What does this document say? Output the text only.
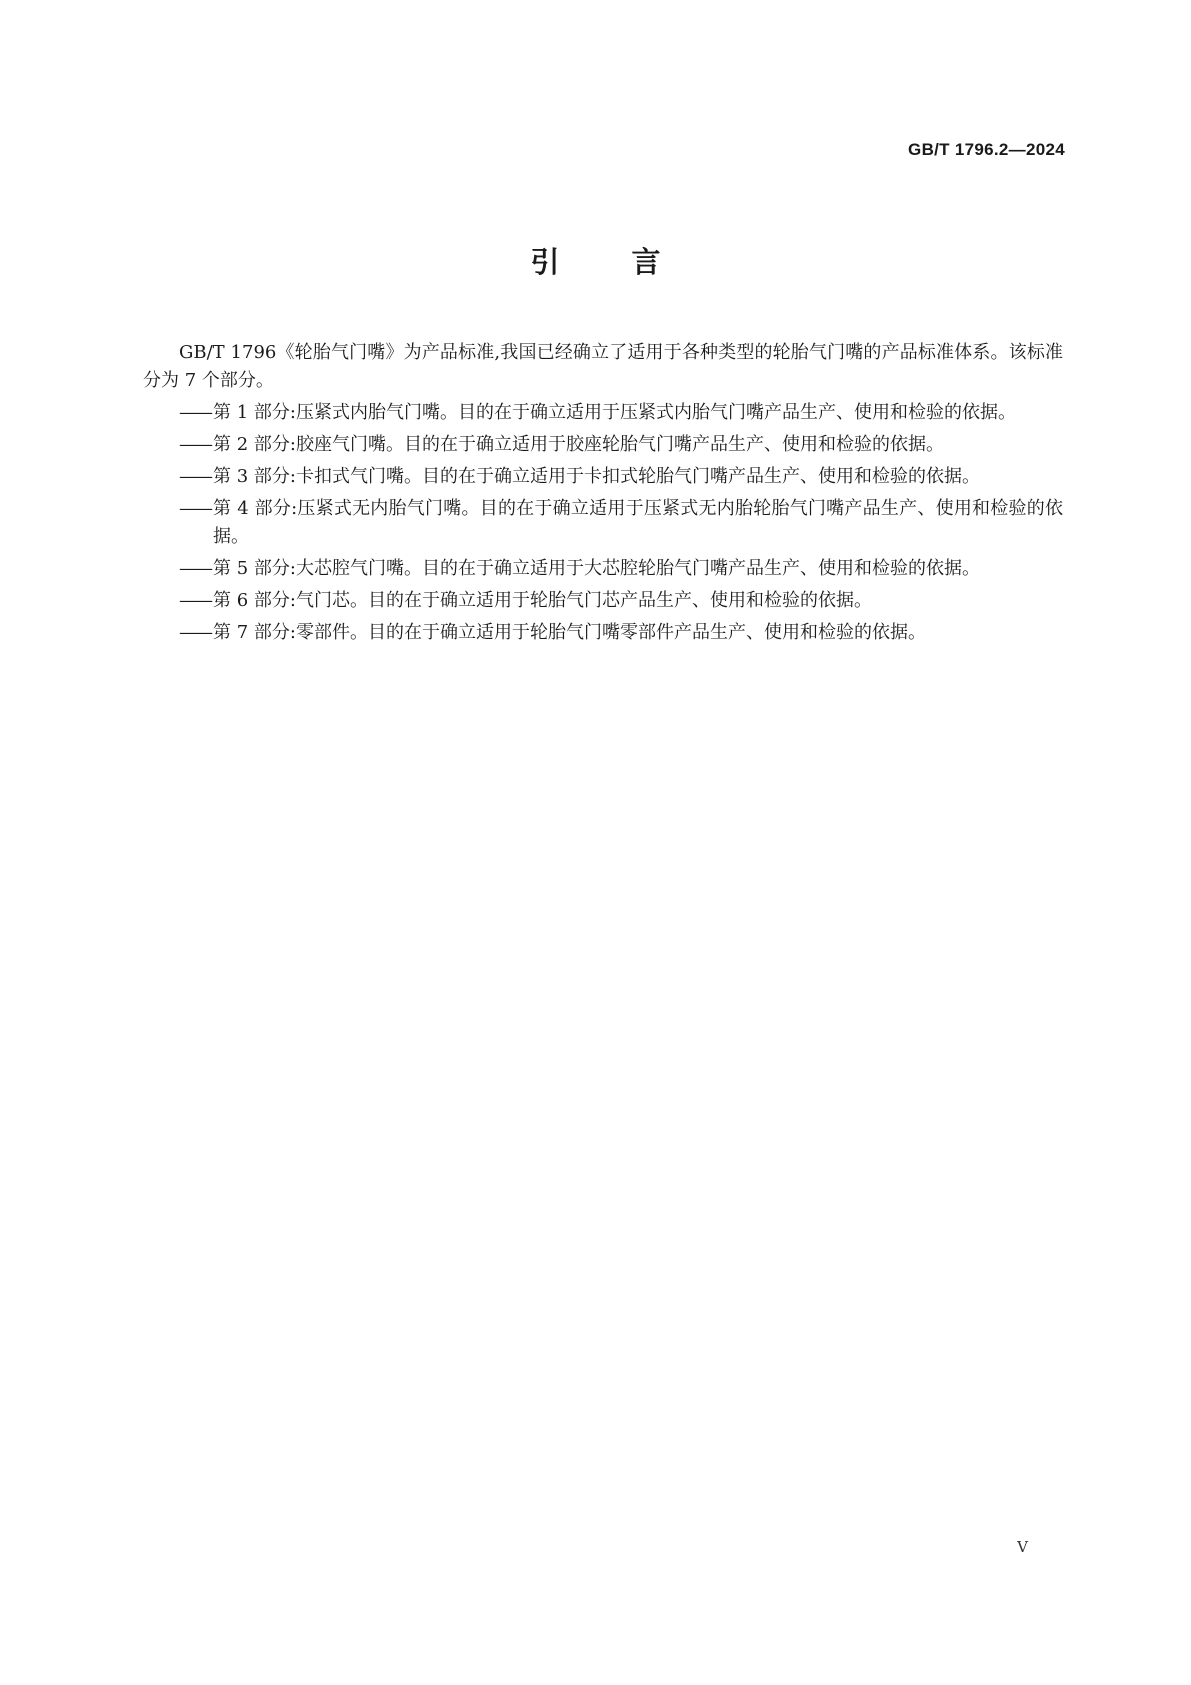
GB/T 1796.2—2024
引 言

GB/T 1796《轮胎气门嘴》为产品标准,我国已经确立了适用于各种类型的轮胎气门嘴的产品标准体系。该标准分为 7 个部分。

—— 第 1 部分:压紧式内胎气门嘴。目的在于确立适用于压紧式内胎气门嘴产品生产、使用和检验的依据。
—— 第 2 部分:胶座气门嘴。目的在于确立适用于胶座轮胎气门嘴产品生产、使用和检验的依据。
—— 第 3 部分:卡扣式气门嘴。目的在于确立适用于卡扣式轮胎气门嘴产品生产、使用和检验的依据。
—— 第 4 部分:压紧式无内胎气门嘴。目的在于确立适用于压紧式无内胎轮胎气门嘴产品生产、使用和检验的依据。
—— 第 5 部分:大芯腔气门嘴。目的在于确立适用于大芯腔轮胎气门嘴产品生产、使用和检验的依据。
—— 第 6 部分:气门芯。目的在于确立适用于轮胎气门芯产品生产、使用和检验的依据。
—— 第 7 部分:零部件。目的在于确立适用于轮胎气门嘴零部件产品生产、使用和检验的依据。
V
